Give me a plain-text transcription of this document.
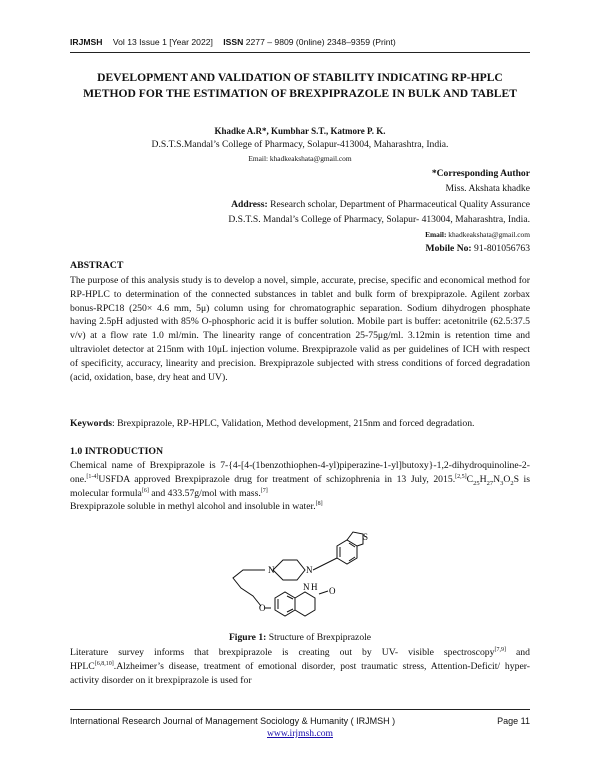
IRJMSH Vol 13 Issue 1 [Year 2022] ISSN 2277 – 9809 (0nline) 2348–9359 (Print)
DEVELOPMENT AND VALIDATION OF STABILITY INDICATING RP-HPLC METHOD FOR THE ESTIMATION OF BREXPIPRAZOLE IN BULK AND TABLET
Khadke A.R*, Kumbhar S.T., Katmore P. K.
D.S.T.S.Mandal’s College of Pharmacy, Solapur-413004, Maharashtra, India.
Email: khadkeakshata@gmail.com
*Corresponding Author
Miss. Akshata khadke
Address: Research scholar, Department of Pharmaceutical Quality Assurance
D.S.T.S. Mandal’s College of Pharmacy, Solapur- 413004, Maharashtra, India.
Email: khadkeakshata@gmail.com
Mobile No: 91-801056763
ABSTRACT
The purpose of this analysis study is to develop a novel, simple, accurate, precise, specific and economical method for RP-HPLC to determination of the connected substances in tablet and bulk form of brexpiprazole. Agilent zorbax bonus-RPC18 (250× 4.6 mm, 5μ) column using for chromatographic separation. Sodium dihydrogen phosphate having 2.5pH adjusted with 85% O-phosphoric acid it is buffer solution. Mobile part is buffer: acetonitrile (62.5:37.5 v/v) at a flow rate 1.0 ml/min. The linearity range of concentration 25-75μg/ml. 3.12min is retention time and ultraviolet detector at 215nm with 10μL injection volume. Brexpiprazole valid as per guidelines of ICH with respect of specificity, accuracy, linearity and precision. Brexpiprazole subjected with stress conditions of forced degradation (acid, oxidation, base, dry heat and UV).
Keywords: Brexpiprazole, RP-HPLC, Validation, Method development, 215nm and forced degradation.
1.0 INTRODUCTION
Chemical name of Brexpiprazole is 7-{4-[4-(1benzothiophen-4-yl)piperazine-1-yl]butoxy}-1,2-dihydroquinoline-2-one.[1-4]USFDA approved Brexpiprazole drug for treatment of schizophrenia in 13 July, $2015.[2,5]C_{25}H_{27}N_3O_2S$ is molecular formula[6] and 433.57g/mol with mass.[7]
Brexpiprazole soluble in methyl alcohol and insoluble in water.[8]
N	N
S
O
N H O
Figure 1: Structure of Brexpiprazole
Literature survey informs that brexpiprazole is creating out by UV- visible spectroscopy[7,9] and HPLC[6,8,10].Alzheimer’s disease, treatment of emotional disorder, post traumatic stress, Attention-Deficit/ hyper-activity disorder on it brexpiprazole is used for
International Research Journal of Management Sociology & Humanity ( IRJMSH )	Page 11
www.irjmsh.com
